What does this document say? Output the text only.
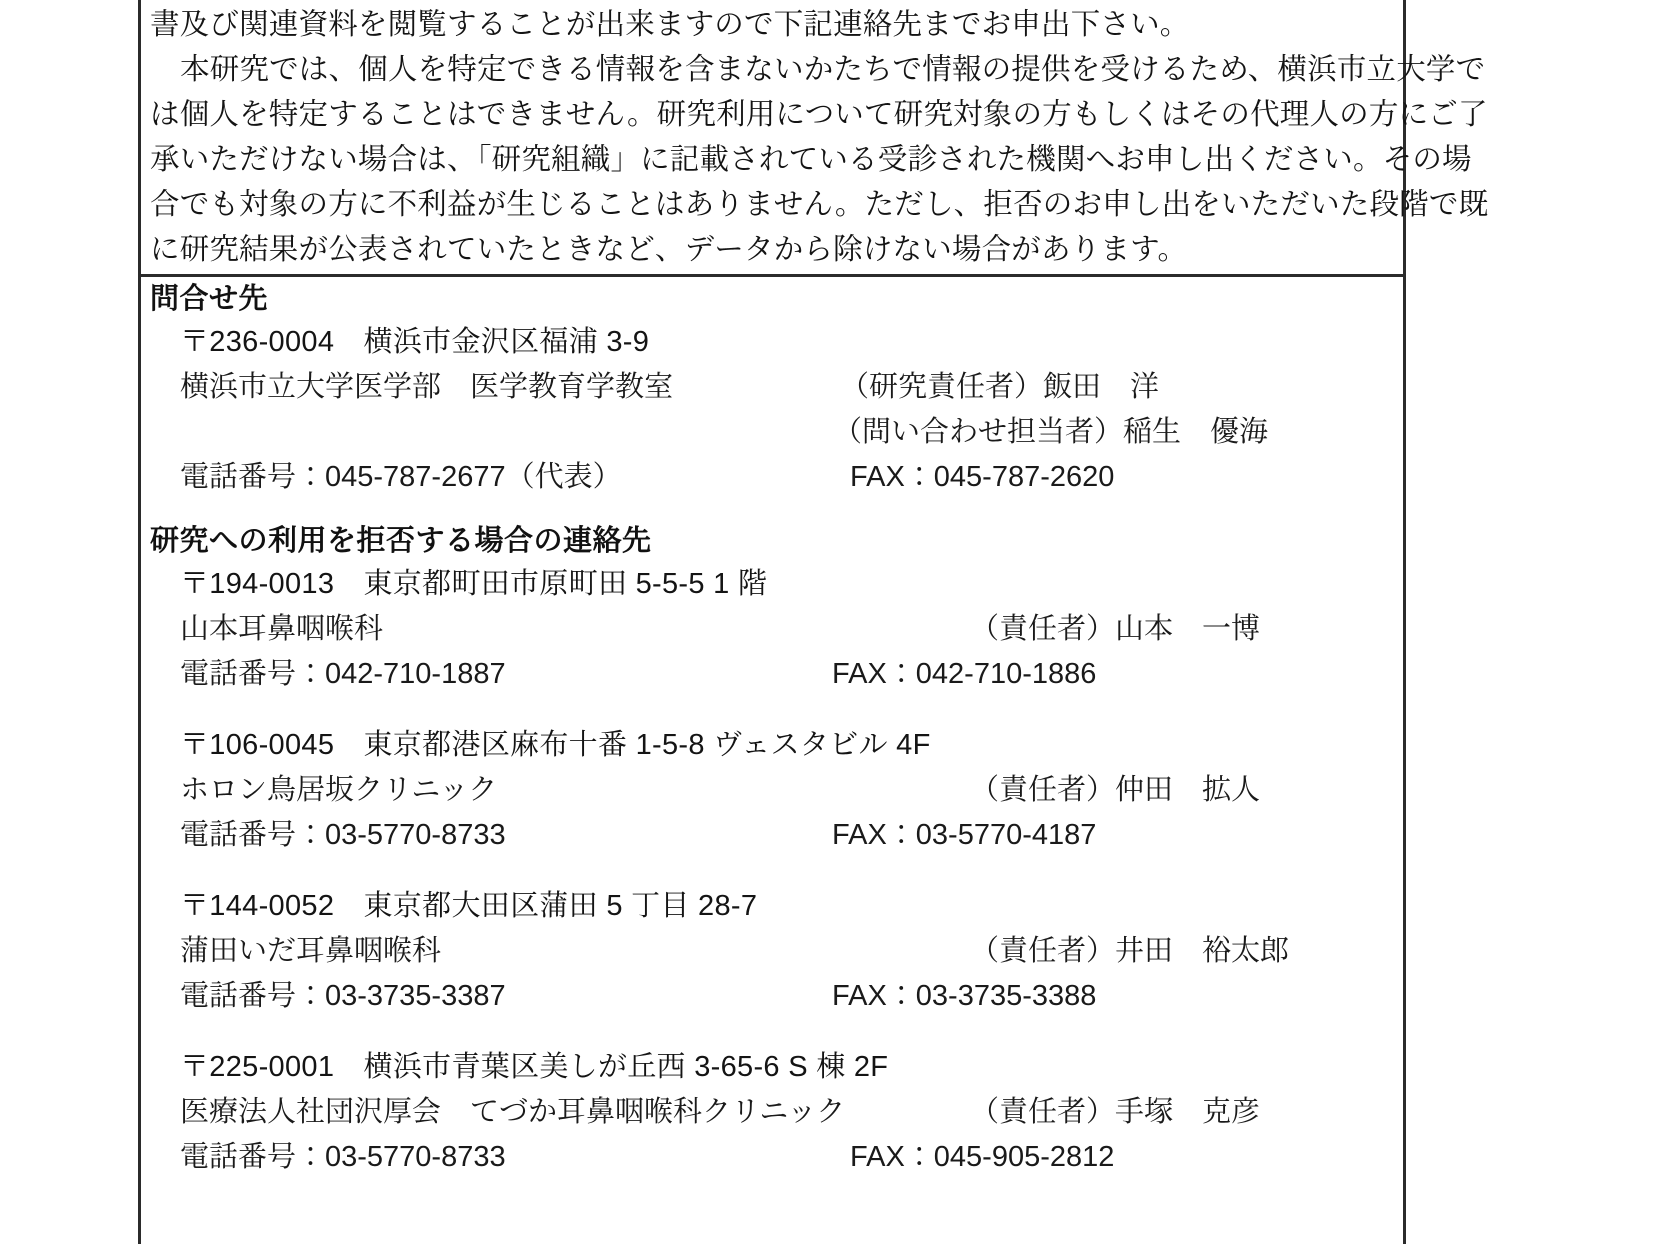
書及び関連資料を閲覧することが出来ますので下記連絡先までお申出下さい。
本研究では、個人を特定できる情報を含まないかたちで情報の提供を受けるため、横浜市立大学で
は個人を特定することはできません。研究利用について研究対象の方もしくはその代理人の方にご了
承いただけない場合は、「研究組織」に記載されている受診された機関へお申し出ください。その場
合でも対象の方に不利益が生じることはありません。ただし、拒否のお申し出をいただいた段階で既
に研究結果が公表されていたときなど、データから除けない場合があります。
問合せ先
〒236-0004　横浜市金沢区福浦 3-9
横浜市立大学医学部　医学教育学教室	（研究責任者）飯田　洋
（問い合わせ担当者）稲生　優海
電話番号：045-787-2677（代表）	FAX：045-787-2620
研究への利用を拒否する場合の連絡先
〒194-0013　東京都町田市原町田 5-5-5 1 階
山本耳鼻咽喉科	（責任者）山本　一博
電話番号：042-710-1887	FAX：042-710-1886
〒106-0045　東京都港区麻布十番 1-5-8 ヴェスタビル 4F
ホロン鳥居坂クリニック	（責任者）仲田　拡人
電話番号：03-5770-8733	FAX：03-5770-4187
〒144-0052　東京都大田区蒲田 5 丁目 28-7
蒲田いだ耳鼻咽喉科	（責任者）井田　裕太郎
電話番号：03-3735-3387	FAX：03-3735-3388
〒225-0001　横浜市青葉区美しが丘西 3-65-6 S 棟 2F
医療法人社団沢厚会　てづか耳鼻咽喉科クリニック	（責任者）手塚　克彦
電話番号：03-5770-8733	FAX：045-905-2812
